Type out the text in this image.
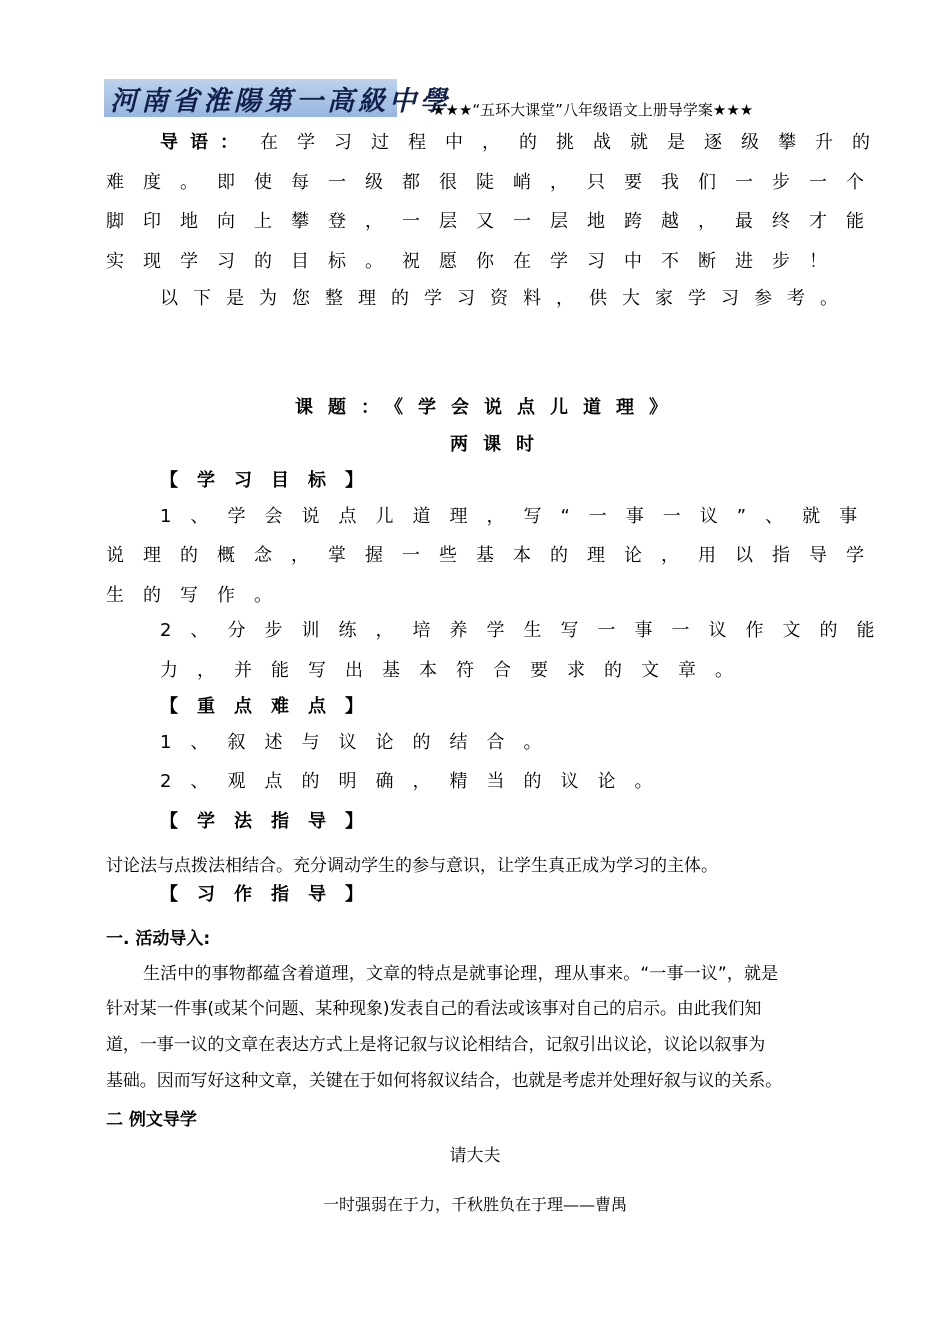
河南省淮陽第一高級中學
★★★“五环大课堂”八年级语文上册导学案★★★
导语： 在学习过程中，的挑战就是逐级攀升的
难度。即使每一级都很陡峭，只要我们一步一个
脚印地向上攀登，一层又一层地跨越，最终才能
实现学习的目标。祝愿你在学习中不断进步！
以下是为您整理的学习资料，供大家学习参考。
课题：《学会说点儿道理》
两课时
【学习目标】
1、学会说点儿道理，写“一事一议”、就事
说理的概念，掌握一些基本的理论，用以指导学
生的写作。
2、分步训练，培养学生写一事一议作文的能
力，并能写出基本符合要求的文章。
【重点难点】
1、叙述与议论的结合。
2、观点的明确，精当的议论。
【学法指导】
讨论法与点拨法相结合。充分调动学生的参与意识，让学生真正成为学习的主体。
【习作指导】
一. 活动导入:
生活中的事物都蕴含着道理，文章的特点是就事论理，理从事来。“一事一议”，就是
针对某一件事(或某个问题、某种现象)发表自己的看法或该事对自己的启示。由此我们知
道，一事一议的文章在表达方式上是将记叙与议论相结合，记叙引出议论，议论以叙事为
基础。因而写好这种文章，关键在于如何将叙议结合，也就是考虑并处理好叙与议的关系。
二 例文导学
请大夫
一时强弱在于力，千秋胜负在于理——曹禺
